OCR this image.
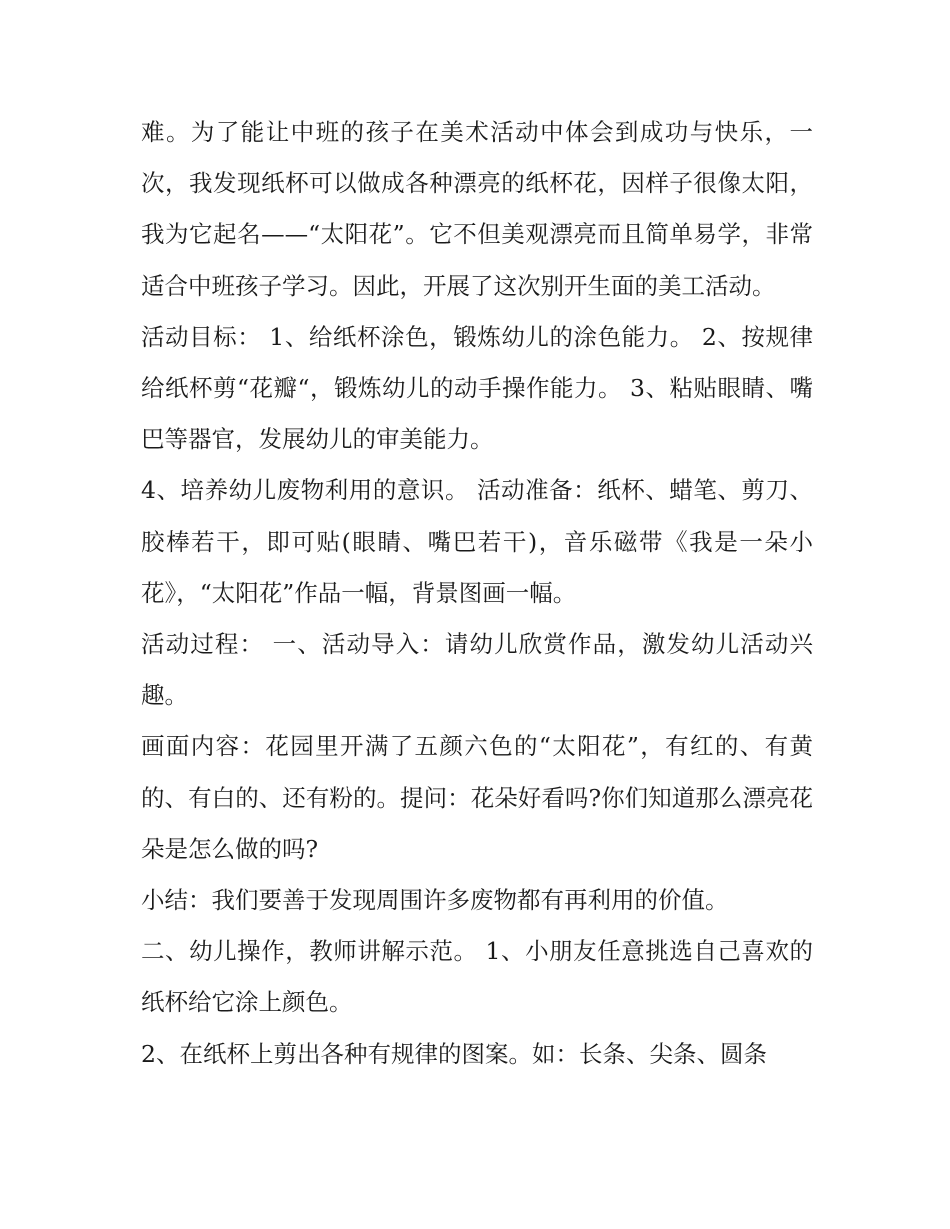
难。为了能让中班的孩子在美术活动中体会到成功与快乐，一次，我发现纸杯可以做成各种漂亮的纸杯花，因样子很像太阳，我为它起名——“太阳花”。它不但美观漂亮而且简单易学，非常适合中班孩子学习。因此，开展了这次别开生面的美工活动。

活动目标： 1、给纸杯涂色，锻炼幼儿的涂色能力。 2、按规律给纸杯剪“花瓣“，锻炼幼儿的动手操作能力。 3、粘贴眼睛、嘴巴等器官，发展幼儿的审美能力。

4、培养幼儿废物利用的意识。 活动准备：纸杯、蜡笔、剪刀、胶棒若干，即可贴(眼睛、嘴巴若干)，音乐磁带《我是一朵小花》，“太阳花”作品一幅，背景图画一幅。

活动过程： 一、活动导入：请幼儿欣赏作品，激发幼儿活动兴趣。

画面内容：花园里开满了五颜六色的“太阳花”，有红的、有黄的、有白的、还有粉的。提问：花朵好看吗?你们知道那么漂亮花朵是怎么做的吗?

小结：我们要善于发现周围许多废物都有再利用的价值。

二、幼儿操作，教师讲解示范。 1、小朋友任意挑选自己喜欢的纸杯给它涂上颜色。

2、在纸杯上剪出各种有规律的图案。如：长条、尖条、圆条
